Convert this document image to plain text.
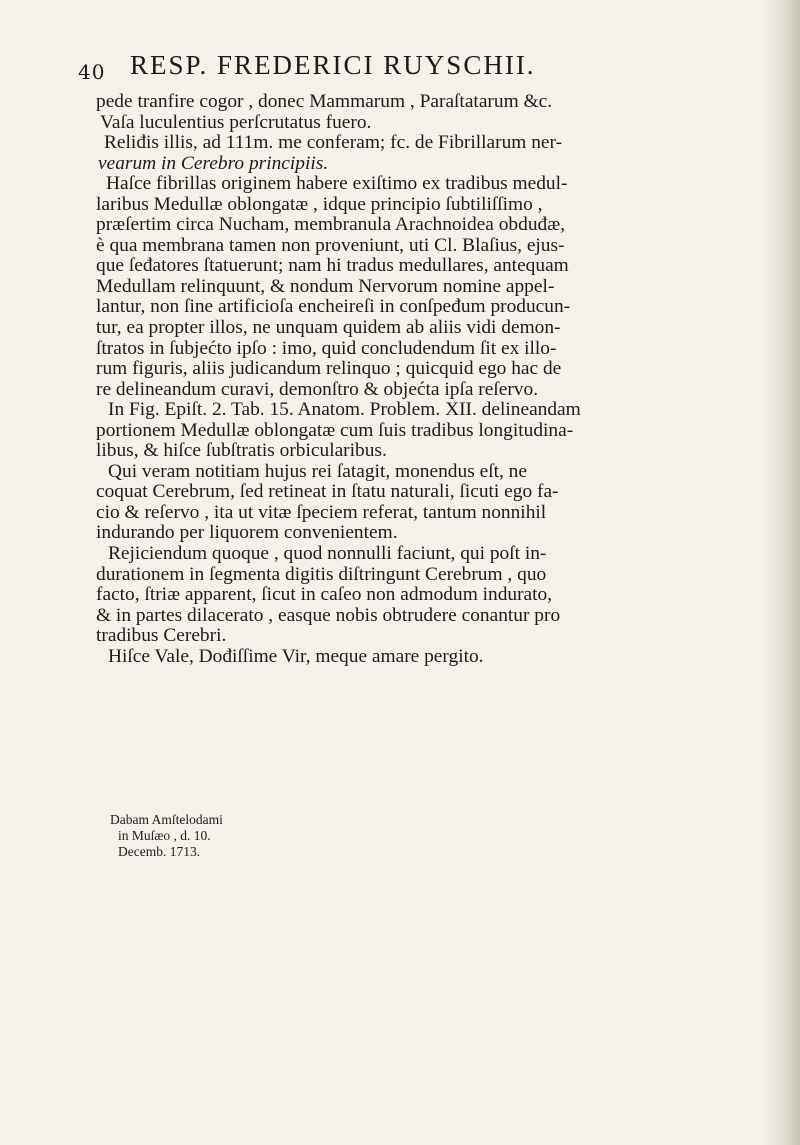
40 RESP. FREDERICI RUYSCHII.
pede tranfire cogor , donec Mammarum , Paraſtatarum &c.
Vaſa luculentius perſcrutatus fuero.
Reliđis illis, ad 111m. me conferam; fc. de Fibrillarum ner-
vearum in Cerebro principiis.
Haſce fibrillas originem habere exiſtimo ex tradibus medul-
laribus Medullæ oblongatæ , idque principio ſubtiliſſimo ,
præſertim circa Nucham, membranula Arachnoidea obduđæ,
è qua membrana tamen non proveniunt, uti Cl. Blaſius, ejus-
que ſeđatores ſtatuerunt; nam hi tradus medullares, antequam
Medullam relinquunt, & nondum Nervorum nomine appel-
lantur, non ſine artificioſa encheireſi in conſpeđum producun-
tur, ea propter illos, ne unquam quidem ab aliis vidi demon-
ſtratos in ſubjećto ipſo : imo, quid concludendum ſit ex illo-
rum figuris, aliis judicandum relinquo ; quicquid ego hac de
re delineandum curavi, demonſtro & objećta ipſa reſervo.
In Fig. Epiſt. 2. Tab. 15. Anatom. Problem. XII. delineandam
portionem Medullæ oblongatæ cum ſuis tradibus longitudina-
libus, & hiſce ſubſtratis orbicularibus.
Qui veram notitiam hujus rei ſatagit, monendus eſt, ne
coquat Cerebrum, ſed retineat in ſtatu naturali, ſicuti ego fa-
cio & reſervo , ita ut vitæ ſpeciem referat, tantum nonnihil
indurando per liquorem convenientem.
Rejiciendum quoque , quod nonnulli faciunt, qui poſt in-
durationem in ſegmenta digitis diſtringunt Cerebrum , quo
facto, ſtriæ apparent, ſicut in caſeo non admodum indurato,
& in partes dilacerato , easque nobis obtrudere conantur pro
tradibus Cerebri.
Hiſce Vale, Dođiſſime Vir, meque amare pergito.
Dabam Amſtelodami
in Muſæo , d. 10.
Decemb. 1713.
